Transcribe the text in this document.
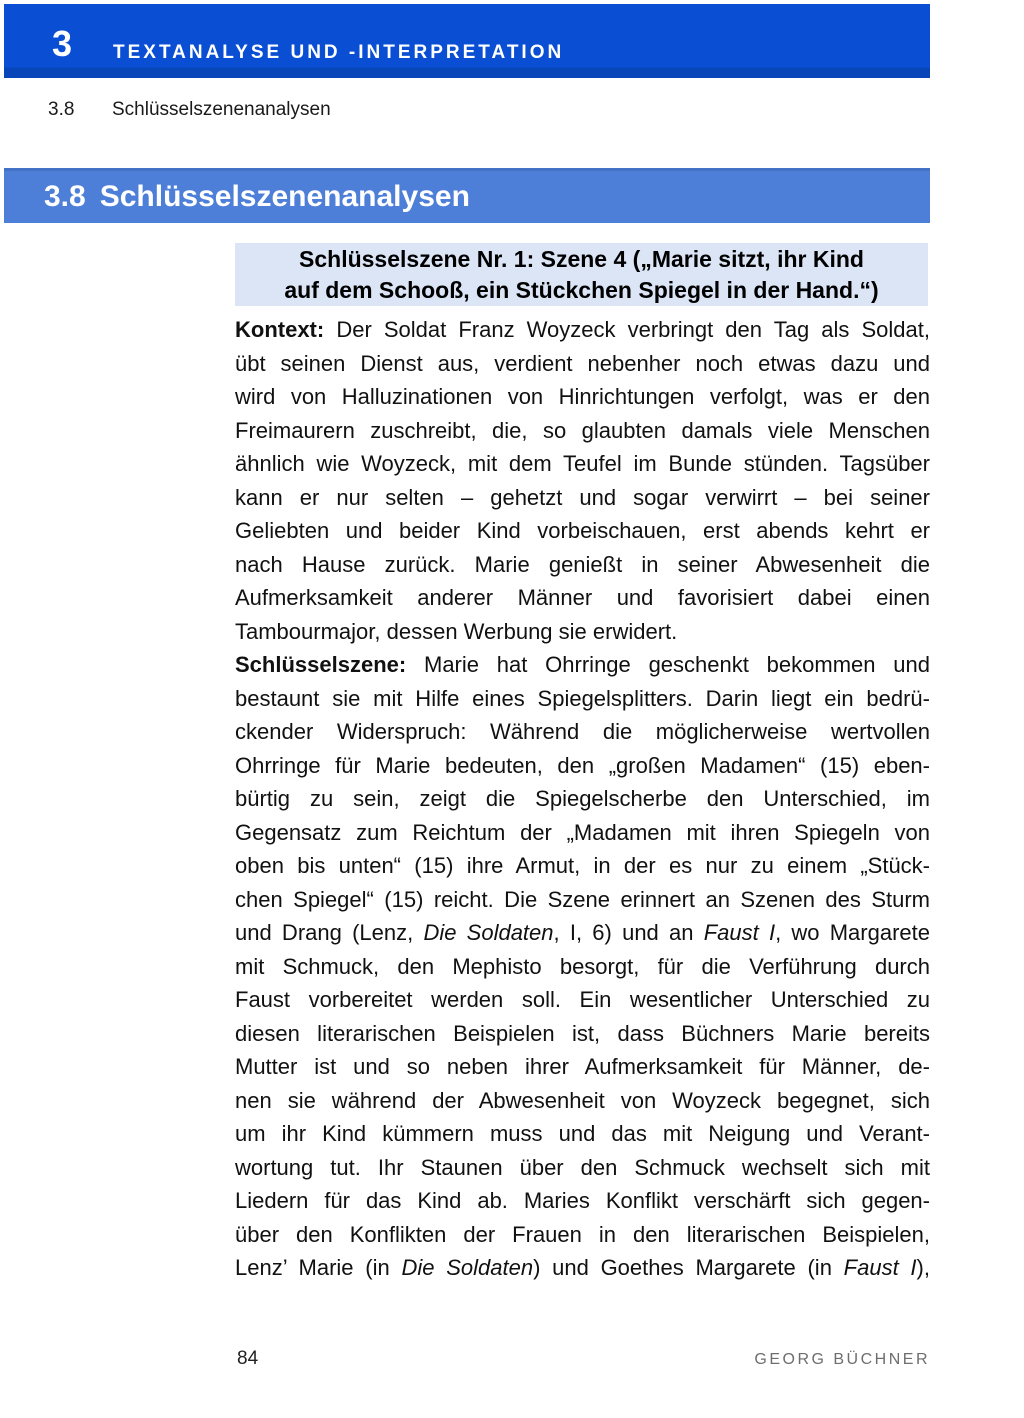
3 TEXTANALYSE UND -INTERPRETATION
3.8 Schlüsselszenenanalysen
3.8 Schlüsselszenenanalysen
Schlüsselszene Nr. 1: Szene 4 („Marie sitzt, ihr Kind
auf dem Schooß, ein Stückchen Spiegel in der Hand.“)
Kontext: Der Soldat Franz Woyzeck verbringt den Tag als Soldat,
übt seinen Dienst aus, verdient nebenher noch etwas dazu und
wird von Halluzinationen von Hinrichtungen verfolgt, was er den
Freimaurern zuschreibt, die, so glaubten damals viele Menschen
ähnlich wie Woyzeck, mit dem Teufel im Bunde stünden. Tagsüber
kann er nur selten – gehetzt und sogar verwirrt – bei seiner
Geliebten und beider Kind vorbeischauen, erst abends kehrt er
nach Hause zurück. Marie genießt in seiner Abwesenheit die
Aufmerksamkeit anderer Männer und favorisiert dabei einen
Tambourmajor, dessen Werbung sie erwidert.
Schlüsselszene: Marie hat Ohrringe geschenkt bekommen und
bestaunt sie mit Hilfe eines Spiegelsplitters. Darin liegt ein bedrü-
ckender Widerspruch: Während die möglicherweise wertvollen
Ohrringe für Marie bedeuten, den „großen Madamen“ (15) eben-
bürtig zu sein, zeigt die Spiegelscherbe den Unterschied, im
Gegensatz zum Reichtum der „Madamen mit ihren Spiegeln von
oben bis unten“ (15) ihre Armut, in der es nur zu einem „Stück-
chen Spiegel“ (15) reicht. Die Szene erinnert an Szenen des Sturm
und Drang (Lenz, Die Soldaten, I, 6) und an Faust I, wo Margarete
mit Schmuck, den Mephisto besorgt, für die Verführung durch
Faust vorbereitet werden soll. Ein wesentlicher Unterschied zu
diesen literarischen Beispielen ist, dass Büchners Marie bereits
Mutter ist und so neben ihrer Aufmerksamkeit für Männer, de-
nen sie während der Abwesenheit von Woyzeck begegnet, sich
um ihr Kind kümmern muss und das mit Neigung und Verant-
wortung tut. Ihr Staunen über den Schmuck wechselt sich mit
Liedern für das Kind ab. Maries Konflikt verschärft sich gegen-
über den Konflikten der Frauen in den literarischen Beispielen,
Lenz’ Marie (in Die Soldaten) und Goethes Margarete (in Faust I),
84	GEORG BÜCHNER
